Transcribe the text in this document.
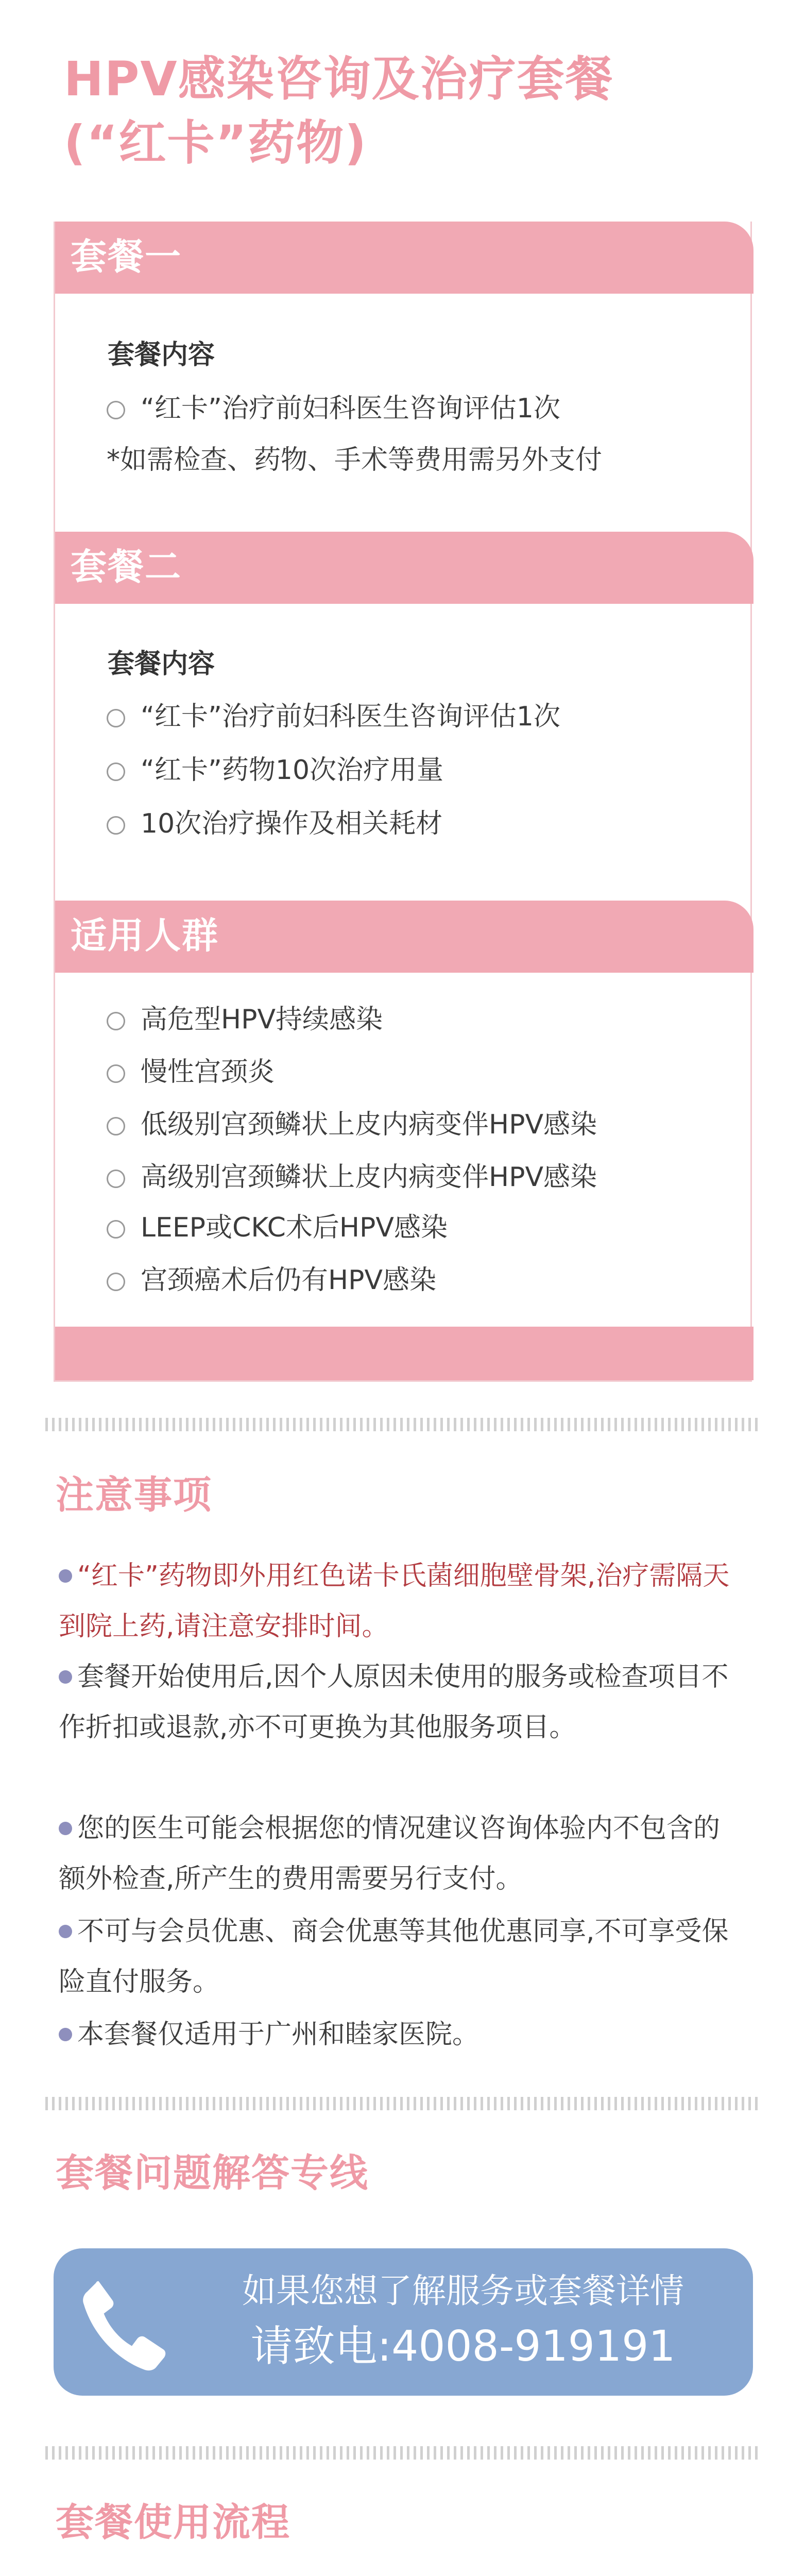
HPV感染咨询及治疗套餐
(“红卡”药物)
套餐一
套餐内容
“红卡”治疗前妇科医生咨询评估1次
*如需检查、药物、手术等费用需另外支付
套餐二
套餐内容
“红卡”治疗前妇科医生咨询评估1次
“红卡”药物10次治疗用量
10次治疗操作及相关耗材
适用人群
高危型HPV持续感染
慢性宫颈炎
低级别宫颈鳞状上皮内病变伴HPV感染
高级别宫颈鳞状上皮内病变伴HPV感染
LEEP或CKC术后HPV感染
宫颈癌术后仍有HPV感染
注意事项
“红卡”药物即外用红色诺卡氏菌细胞壁骨架,治疗需隔天到院上药,请注意安排时间。
套餐开始使用后,因个人原因未使用的服务或检查项目不作折扣或退款,亦不可更换为其他服务项目。
您的医生可能会根据您的情况建议咨询体验内不包含的额外检查,所产生的费用需要另行支付。
不可与会员优惠、商会优惠等其他优惠同享,不可享受保险直付服务。
本套餐仅适用于广州和睦家医院。
套餐问题解答专线
如果您想了解服务或套餐详情
请致电:4008-919191
套餐使用流程
